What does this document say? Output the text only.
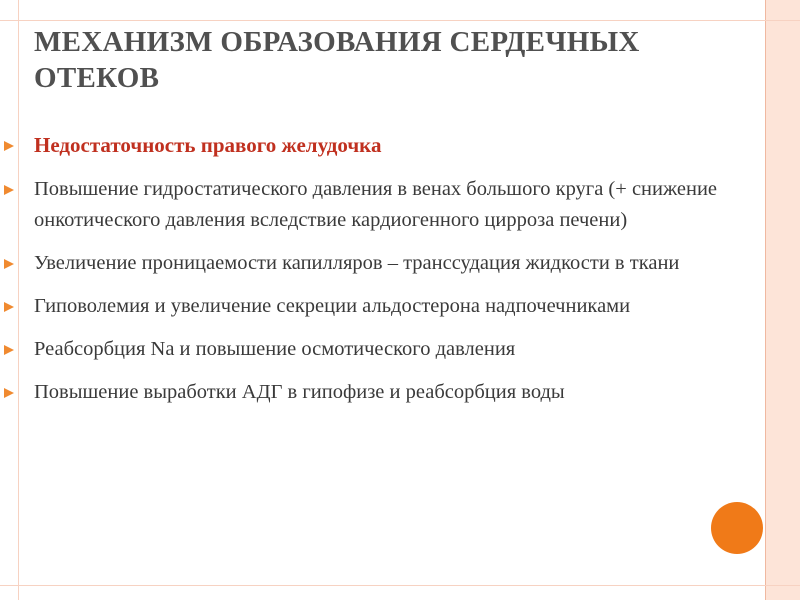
МЕХАНИЗМ ОБРАЗОВАНИЯ СЕРДЕЧНЫХ ОТЕКОВ
Недостаточность правого желудочка
Повышение гидростатического давления в венах большого круга (+ снижение онкотического давления вследствие кардиогенного цирроза печени)
Увеличение проницаемости капилляров – транссудация жидкости в ткани
Гиповолемия и увеличение секреции альдостерона надпочечниками
Реабсорбция Nа и повышение осмотического давления
Повышение выработки АДГ в гипофизе и реабсорбция воды
